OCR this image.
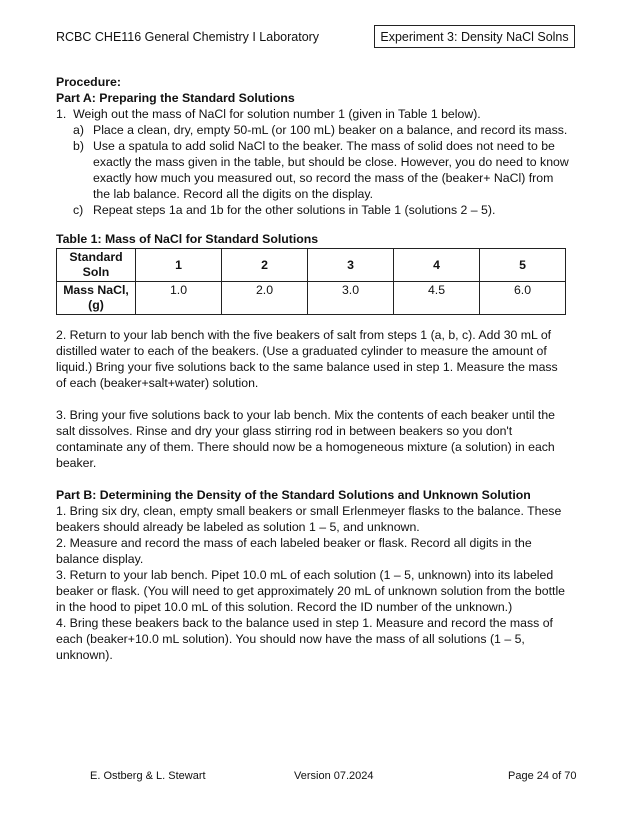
RCBC CHE116 General Chemistry I Laboratory	Experiment 3: Density NaCl Solns
Procedure:
Part A: Preparing the Standard Solutions
1. Weigh out the mass of NaCl for solution number 1 (given in Table 1 below).
a) Place a clean, dry, empty 50-mL (or 100 mL) beaker on a balance, and record its mass.
b) Use a spatula to add solid NaCl to the beaker. The mass of solid does not need to be
exactly the mass given in the table, but should be close. However, you do need to know
exactly how much you measured out, so record the mass of the (beaker+ NaCl) from
the lab balance. Record all the digits on the display.
c) Repeat steps 1a and 1b for the other solutions in Table 1 (solutions 2 – 5).
Table 1: Mass of NaCl for Standard Solutions
Standard
Soln	1	2	3	4	5

Mass NaCl,
(g)	1.0	2.0	3.0	4.5	6.0
2. Return to your lab bench with the five beakers of salt from steps 1 (a, b, c). Add 30 mL of
distilled water to each of the beakers. (Use a graduated cylinder to measure the amount of
liquid.) Bring your five solutions back to the same balance used in step 1. Measure the mass
of each (beaker+salt+water) solution.
3. Bring your five solutions back to your lab bench. Mix the contents of each beaker until the
salt dissolves. Rinse and dry your glass stirring rod in between beakers so you don't
contaminate any of them. There should now be a homogeneous mixture (a solution) in each
beaker.
Part B: Determining the Density of the Standard Solutions and Unknown Solution
1. Bring six dry, clean, empty small beakers or small Erlenmeyer flasks to the balance. These
beakers should already be labeled as solution 1 – 5, and unknown.
2. Measure and record the mass of each labeled beaker or flask. Record all digits in the
balance display.
3. Return to your lab bench. Pipet 10.0 mL of each solution (1 – 5, unknown) into its labeled
beaker or flask. (You will need to get approximately 20 mL of unknown solution from the bottle
in the hood to pipet 10.0 mL of this solution. Record the ID number of the unknown.)
4. Bring these beakers back to the balance used in step 1. Measure and record the mass of
each (beaker+10.0 mL solution). You should now have the mass of all solutions (1 – 5,
unknown).
E. Ostberg & L. Stewart	Version 07.2024	Page 24 of 70
